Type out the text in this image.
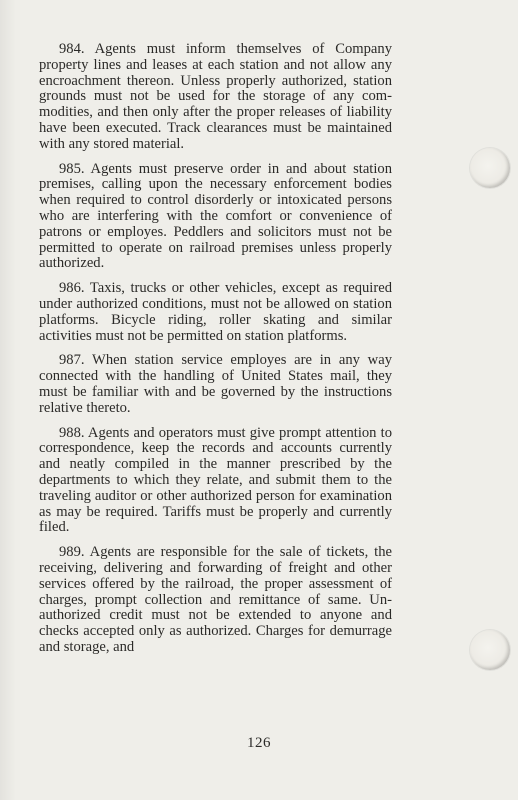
984. Agents must inform themselves of Company property lines and leases at each station and not allow any encroachment thereon. Unless properly authorized, station grounds must not be used for the storage of any commodities, and then only after the proper releases of liability have been executed. Track clearances must be maintained with any stored material.

985. Agents must preserve order in and about station premises, calling upon the necessary enforcement bodies when required to control disorderly or intoxicated persons who are interfering with the comfort or convenience of patrons or employes. Peddlers and solicitors must not be permitted to operate on railroad premises unless properly authorized.

986. Taxis, trucks or other vehicles, except as required under authorized conditions, must not be allowed on station platforms. Bicycle riding, roller skating and similar activities must not be permitted on station platforms.

987. When station service employes are in any way connected with the handling of United States mail, they must be familiar with and be governed by the instructions relative thereto.

988. Agents and operators must give prompt attention to correspondence, keep the records and accounts currently and neatly compiled in the manner prescribed by the departments to which they relate, and submit them to the traveling auditor or other authorized person for examination as may be required. Tariffs must be properly and currently filed.

989. Agents are responsible for the sale of tickets, the receiving, delivering and forwarding of freight and other services offered by the railroad, the proper assessment of charges, prompt collection and remittance of same. Unauthorized credit must not be extended to anyone and checks accepted only as authorized. Charges for demurrage and storage, and

126
